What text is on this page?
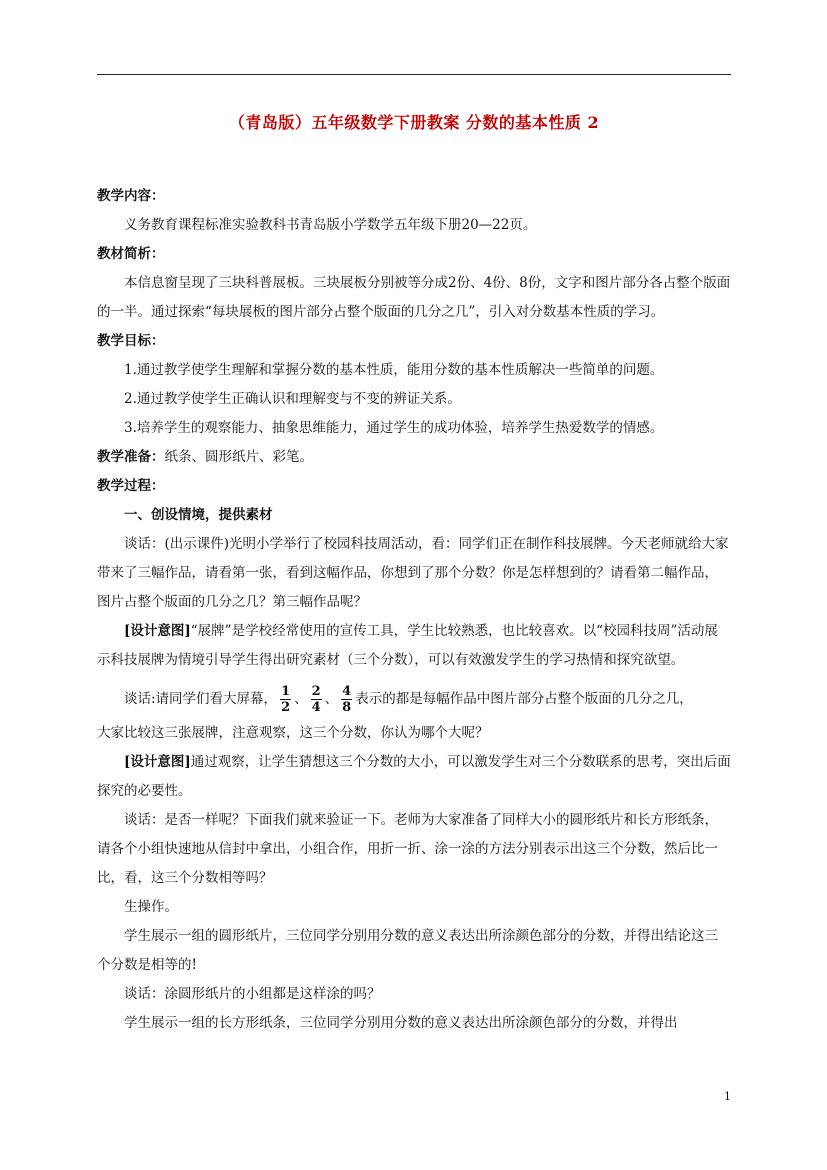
（青岛版）五年级数学下册教案 分数的基本性质 2

教学内容：

义务教育课程标准实验教科书青岛版小学数学五年级下册20—22页。

教材简析：

本信息窗呈现了三块科普展板。三块展板分别被等分成2份、4份、8份，文字和图片部分各占整个版面的一半。通过探索“每块展板的图片部分占整个版面的几分之几”，引入对分数基本性质的学习。

教学目标：

1.通过教学使学生理解和掌握分数的基本性质，能用分数的基本性质解决一些简单的问题。

2.通过教学使学生正确认识和理解变与不变的辨证关系。

3.培养学生的观察能力、抽象思维能力，通过学生的成功体验，培养学生热爱数学的情感。

教学准备：纸条、圆形纸片、彩笔。

教学过程：

一、创设情境，提供素材

谈话：(出示课件)光明小学举行了校园科技周活动，看：同学们正在制作科技展牌。今天老师就给大家带来了三幅作品，请看第一张，看到这幅作品，你想到了那个分数？你是怎样想到的？请看第二幅作品，图片占整个版面的几分之几？第三幅作品呢？

[设计意图]“展牌”是学校经常使用的宣传工具，学生比较熟悉，也比较喜欢。以“校园科技周”活动展示科技展牌为情境引导学生得出研究素材（三个分数），可以有效激发学生的学习热情和探究欲望。

谈话:请同学们看大屏幕， $\frac{1}{2}$ 、 $\frac{2}{4}$ 、 $\frac{4}{8}$ 表示的都是每幅作品中图片部分占整个版面的几分之几，

大家比较这三张展牌，注意观察，这三个分数，你认为哪个大呢？

[设计意图]通过观察，让学生猜想这三个分数的大小，可以激发学生对三个分数联系的思考，突出后面探究的必要性。

谈话：是否一样呢？下面我们就来验证一下。老师为大家准备了同样大小的圆形纸片和长方形纸条，请各个小组快速地从信封中拿出，小组合作，用折一折、涂一涂的方法分别表示出这三个分数，然后比一比，看，这三个分数相等吗？

生操作。

学生展示一组的圆形纸片，三位同学分别用分数的意义表达出所涂颜色部分的分数，并得出结论这三个分数是相等的!

谈话：涂圆形纸片的小组都是这样涂的吗？

学生展示一组的长方形纸条，三位同学分别用分数的意义表达出所涂颜色部分的分数，并得出

1
